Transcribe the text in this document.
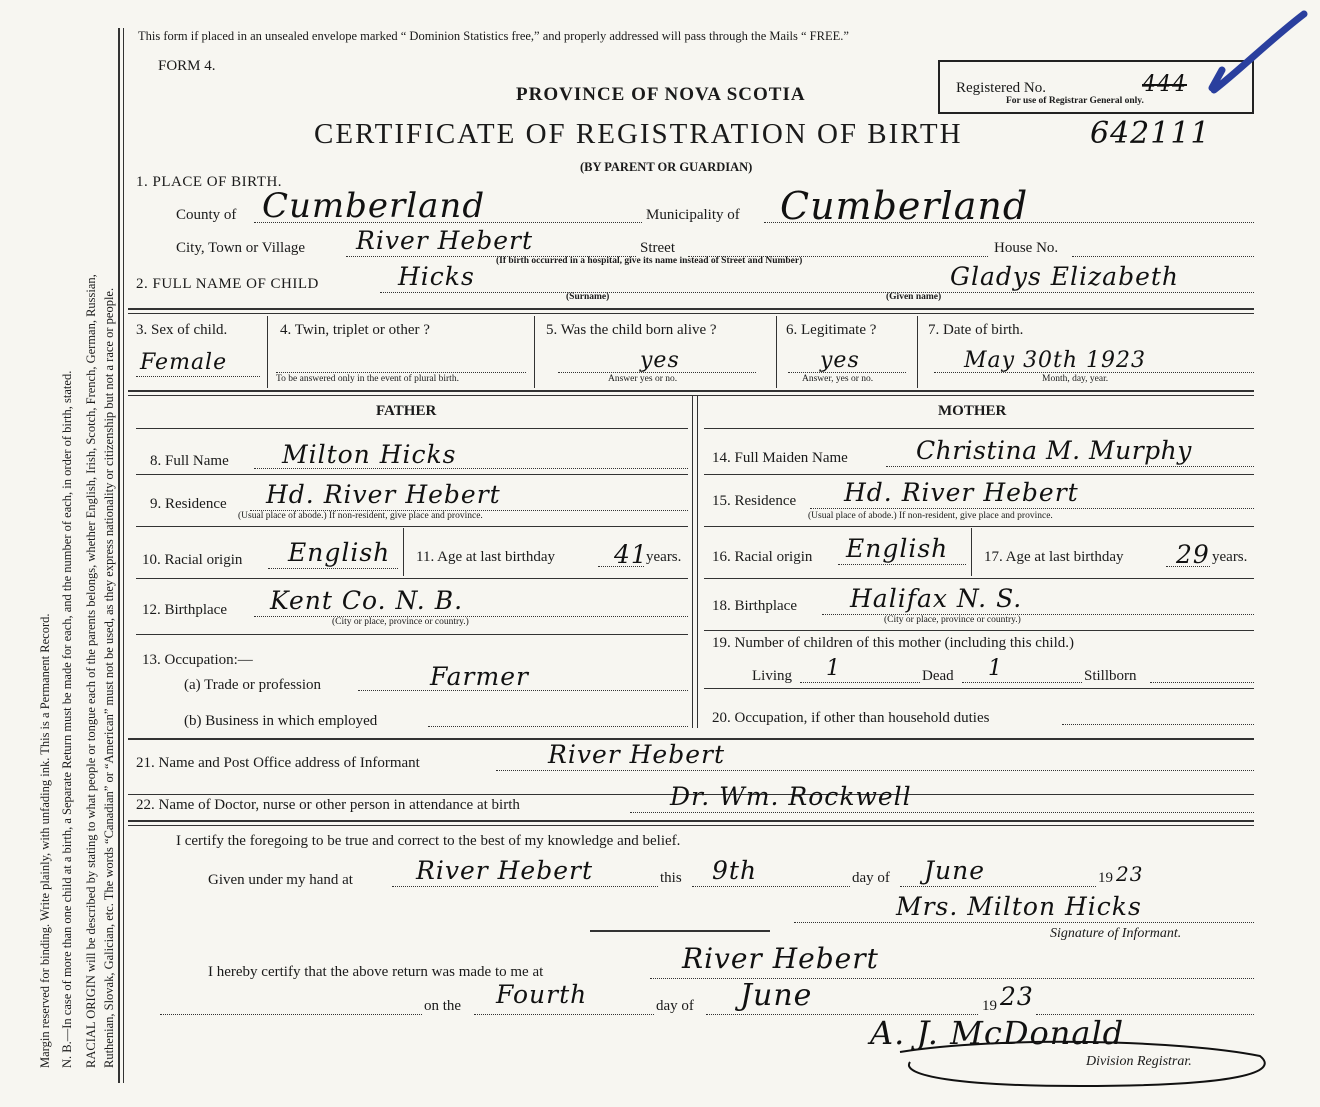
Margin reserved for binding. Write plainly, with unfading ink. This is a Permanent Record. N. B.—In case of more than one child at a birth, a Separate Return must be made for each, and the number of each, in order of birth, stated. RACIAL ORIGIN will be described by stating to what people or tongue each of the parents belongs, whether English, Irish, Scotch, French, German, Russian, Ruthenian, Slovak, Galician, etc. The words “Canadian” or “American” must not be used, as they express nationality or citizenship but not a race or people.
This form if placed in an unsealed envelope marked “ Dominion Statistics free,” and properly addressed will pass through the Mails “ FREE.”
FORM 4.
PROVINCE OF NOVA SCOTIA
CERTIFICATE OF REGISTRATION OF BIRTH	642111
(BY PARENT OR GUARDIAN)
Registered No.	444
For use of Registrar General only.
1. PLACE OF BIRTH.
County of Cumberland	Municipality of Cumberland
City, Town or Village River Hebert	Street	House No.
(If birth occurred in a hospital, give its name instead of Street and Number)
2. FULL NAME OF CHILD	Hicks	Gladys Elizabeth
(Surname)	(Given name)
3. Sex of child.
Female
4. Twin, triplet or other ?
To be answered only in the event of plural birth.
5. Was the child born alive ?
yes
Answer yes or no.
6. Legitimate ?
yes
Answer, yes or no.
7. Date of birth.
May 30th 1923
Month, day, year.
FATHER
8. Full Name Milton Hicks
9. Residence Hd. River Hebert
(Usual place of abode.) If non-resident, give place and province.
10. Racial origin English 11. Age at last birthday 41
years.
12. Birthplace Kent Co. N. B.
(City or place, province or country.)
13. Occupation:—
(a) Trade or profession	Farmer
(b) Business in which employed
MOTHER
14. Full Maiden Name	Christina M. Murphy
15. Residence Hd. River Hebert
(Usual place of abode.) If non-resident, give place and province.
16. Racial origin English 17. Age at last birthday 29 years.
18. Birthplace Halifax N. S.
(City or place, province or country.)
19. Number of children of this mother (including this child.)
Living 1	Dead 1	Stillborn
20. Occupation, if other than household duties
21. Name and Post Office address of Informant	River Hebert
22. Name of Doctor, nurse or other person in attendance at birth	Dr. Wm. Rockwell
I certify the foregoing to be true and correct to the best of my knowledge and belief.
Given under my hand at	River Hebert	this 9th	day of June	19 23
Mrs. Milton Hicks
Signature of Informant.
I hereby certify that the above return was made to me at	River Hebert
on the Fourth	day of June	19 23
A. J. McDonald
Division Registrar.
